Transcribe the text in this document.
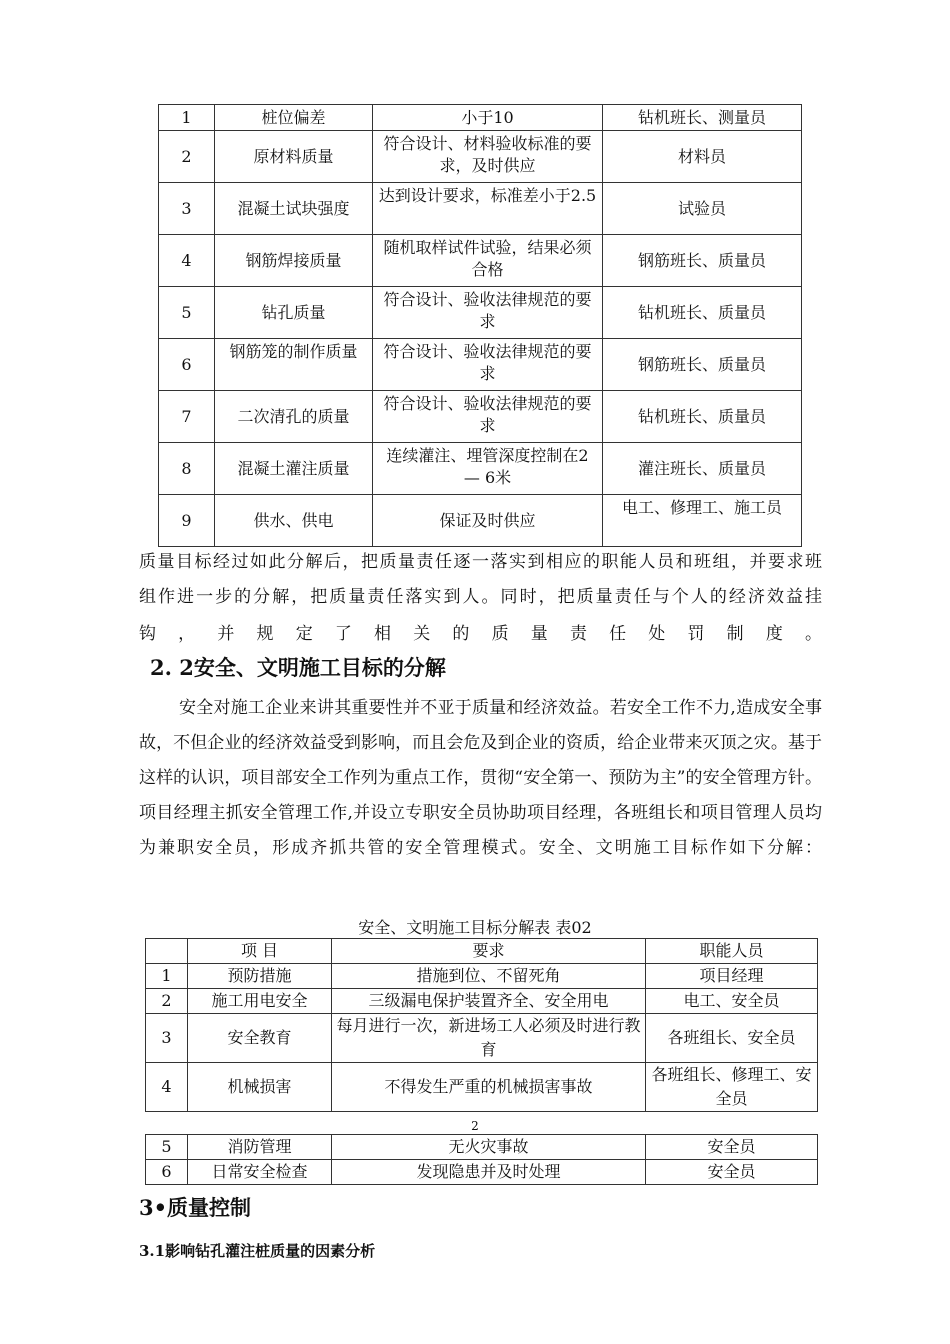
1	桩位偏差	小于10	钻机班长、测量员
2	原材料质量	符合设计、材料验收标准的要求，及时供应	材料员
3	混凝土试块强度	达到设计要求，标准差小于2.5	试验员
4	钢筋焊接质量	随机取样试件试验，结果必须合格	钢筋班长、质量员
5	钻孔质量	符合设计、验收法律规范的要求	钻机班长、质量员
6	钢筋笼的制作质量	符合设计、验收法律规范的要求	钢筋班长、质量员
7	二次清孔的质量	符合设计、验收法律规范的要求	钻机班长、质量员
8	混凝土灌注质量	连续灌注、埋管深度控制在2 — 6米	灌注班长、质量员
9	供水、供电	保证及时供应	电工、修理工、施工员

质量目标经过如此分解后，把质量责任逐一落实到相应的职能人员和班组，并要求班

组作进一步的分解，把质量责任落实到人。同时，把质量责任与个人的经济效益挂

钩，并规定了相关的质量责任处罚制度。

2. 2安全、文明施工目标的分解

安全对施工企业来讲其重要性并不亚于质量和经济效益。若安全工作不力,造成安全事故，不但企业的经济效益受到影响，而且会危及到企业的资质，给企业带来灭顶之灾。基于这样的认识，项目部安全工作列为重点工作，贯彻“安全第一、预防为主”的安全管理方针。项目经理主抓安全管理工作,并设立专职安全员协助项目经理，各班组长和项目管理人员均为兼职安全员，形成齐抓共管的安全管理模式。安全、文明施工目标作如下分解：

安全、文明施工目标分解表 表02
	项 目	要求	职能人员
1	预防措施	措施到位、不留死角	项目经理
2	施工用电安全	三级漏电保护装置齐全、安全用电	电工、安全员
3	安全教育	每月进行一次，新进场工人必须及时进行教育	各班组长、安全员
4	机械损害	不得发生严重的机械损害事故	各班组长、修理工、安全员
2
5	消防管理	无火灾事故	安全员
6	日常安全检查	发现隐患并及时处理	安全员
3•质量控制
3.1影响钻孔灌注桩质量的因素分析
